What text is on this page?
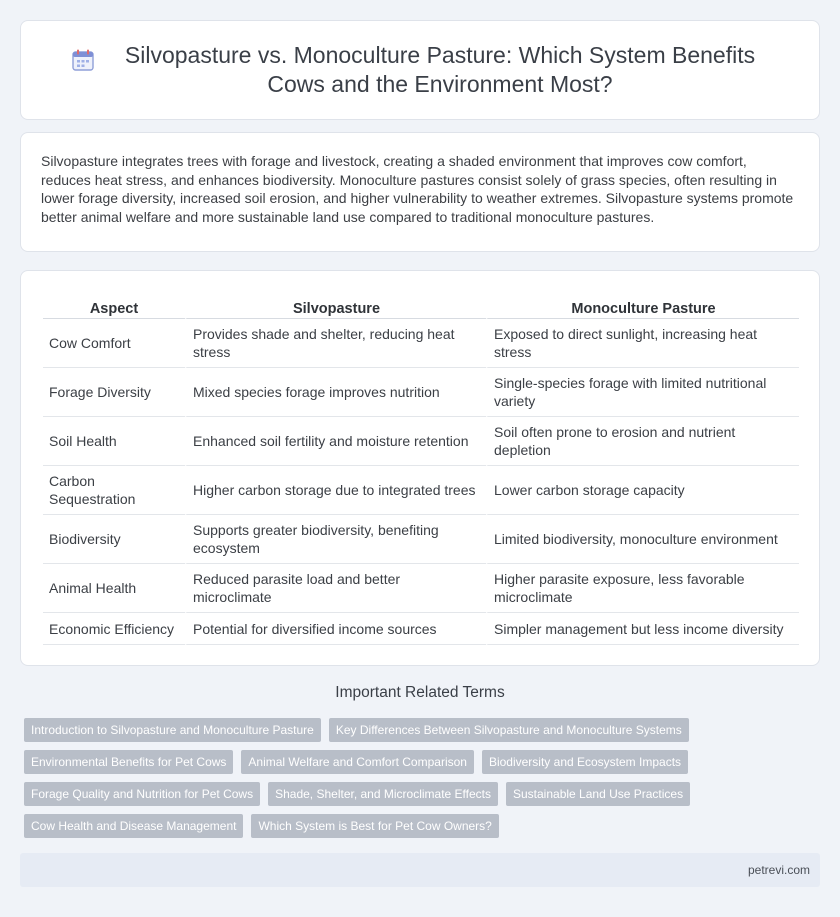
Silvopasture vs. Monoculture Pasture: Which System Benefits Cows and the Environment Most?

Silvopasture integrates trees with forage and livestock, creating a shaded environment that improves cow comfort, reduces heat stress, and enhances biodiversity. Monoculture pastures consist solely of grass species, often resulting in lower forage diversity, increased soil erosion, and higher vulnerability to weather extremes. Silvopasture systems promote better animal welfare and more sustainable land use compared to traditional monoculture pastures.

Aspect	Silvopasture	Monoculture Pasture
Cow Comfort	Provides shade and shelter, reducing heat stress	Exposed to direct sunlight, increasing heat stress
Forage Diversity	Mixed species forage improves nutrition	Single-species forage with limited nutritional variety
Soil Health	Enhanced soil fertility and moisture retention	Soil often prone to erosion and nutrient depletion
Carbon Sequestration	Higher carbon storage due to integrated trees	Lower carbon storage capacity
Biodiversity	Supports greater biodiversity, benefiting ecosystem	Limited biodiversity, monoculture environment
Animal Health	Reduced parasite load and better microclimate	Higher parasite exposure, less favorable microclimate
Economic Efficiency	Potential for diversified income sources	Simpler management but less income diversity
Important Related Terms
Introduction to Silvopasture and Monoculture Pasture	Key Differences Between Silvopasture and Monoculture Systems
Environmental Benefits for Pet Cows	Animal Welfare and Comfort Comparison	Biodiversity and Ecosystem Impacts
Forage Quality and Nutrition for Pet Cows	Shade, Shelter, and Microclimate Effects	Sustainable Land Use Practices
Cow Health and Disease Management	Which System is Best for Pet Cow Owners?
petrevi.com
